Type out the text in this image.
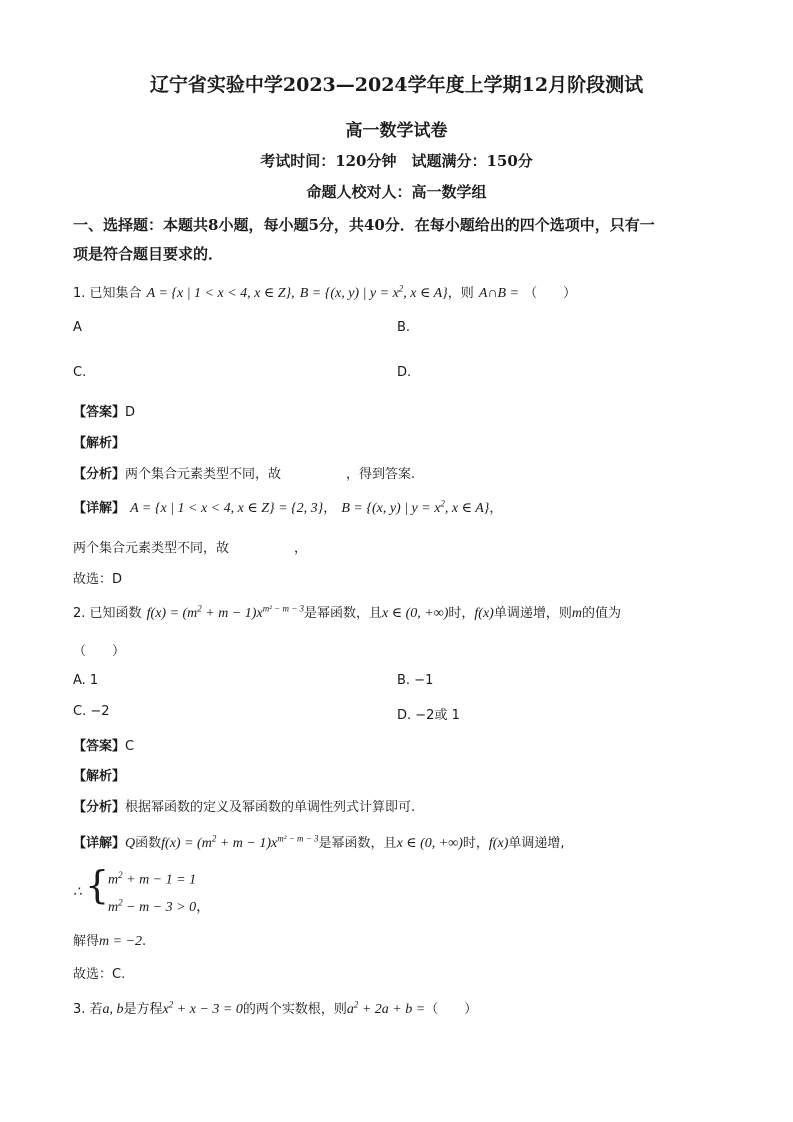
辽宁省实验中学2023—2024学年度上学期12月阶段测试
高一数学试卷
考试时间：120分钟　试题满分：150分
命题人校对人：高一数学组
一、选择题：本题共8小题，每小题5分，共40分．在每小题给出的四个选项中，只有一
项是符合题目要求的．
1. 已知集合 A = {x | 1 < x < 4, x ∈ Z}, B = {(x, y) | $y = x^2$, x ∈ A}，则 A∩B = （　　）
A	B.
C.	D.
【答案】D
【解析】
【分析】两个集合元素类型不同，故　　　　　，得到答案.
【详解】 A = {x | 1 < x < 4, x ∈ Z} = {2, 3}， B = {(x, y) | $y = x^2$, x ∈ A}，
两个集合元素类型不同，故　　　　　，
故选：D
2. 已知函数 $f(x) = (m^2 + m - 1)x^{m^2 - m - 3}$是幂函数，且x ∈ (0, +∞)时，f(x)单调递增，则m的值为
（　　）
A. 1	B. −1
C. −2	D. −2或 1
【答案】C
【解析】
【分析】根据幂函数的定义及幂函数的单调性列式计算即可.
【详解】Q函数$f(x) = (m^2 + m - 1)x^{m^2 - m - 3}$是幂函数，且x ∈ (0, +∞)时，f(x)单调递增,
∴ {
$m^2 + m - 1 = 1$
$m^2 - m - 3 > 0$，
解得m = −2.
故选：C.
3. 若a, b是方程$x^2 + x - 3 = 0$的两个实数根，则$a^2 + 2a + b$ =（　　）
